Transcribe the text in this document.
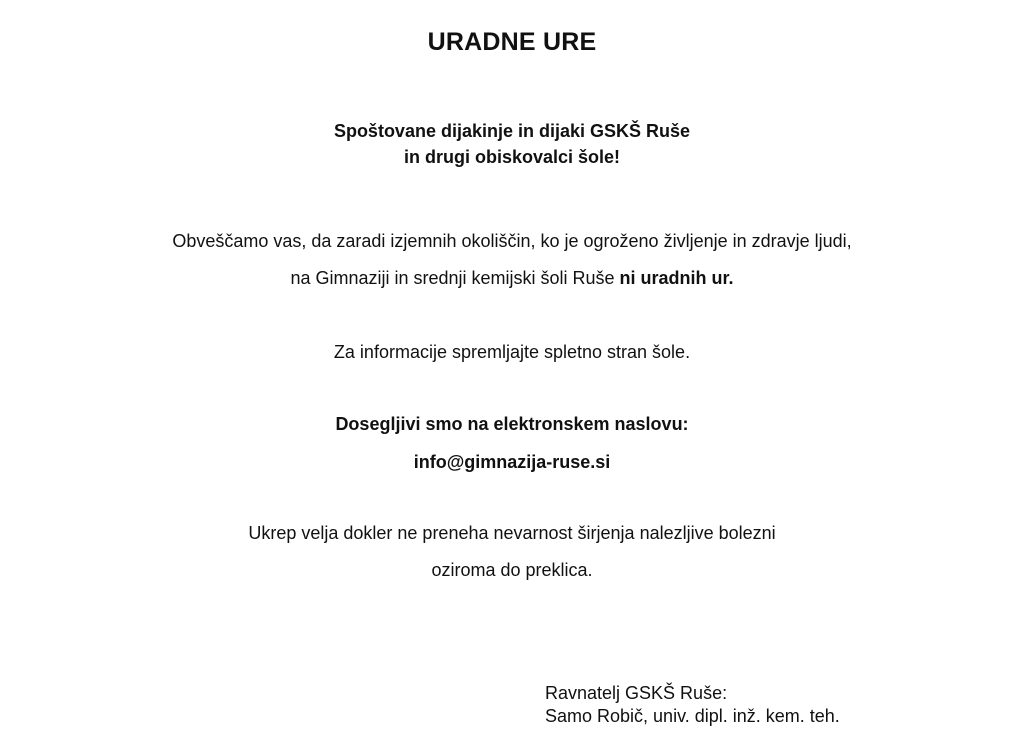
URADNE URE
Spoštovane dijakinje in dijaki GSKŠ Ruše
in drugi obiskovalci šole!
Obveščamo vas, da zaradi izjemnih okoliščin, ko je ogroženo življenje in zdravje ljudi,
na Gimnaziji in srednji kemijski šoli Ruše ni uradnih ur.
Za informacije spremljajte spletno stran šole.
Dosegljivi smo na elektronskem naslovu:
info@gimnazija-ruse.si
Ukrep velja dokler ne preneha nevarnost širjenja nalezljive bolezni
oziroma do preklica.
Ravnatelj GSKŠ Ruše:
Samo Robič, univ. dipl. inž. kem. teh.
